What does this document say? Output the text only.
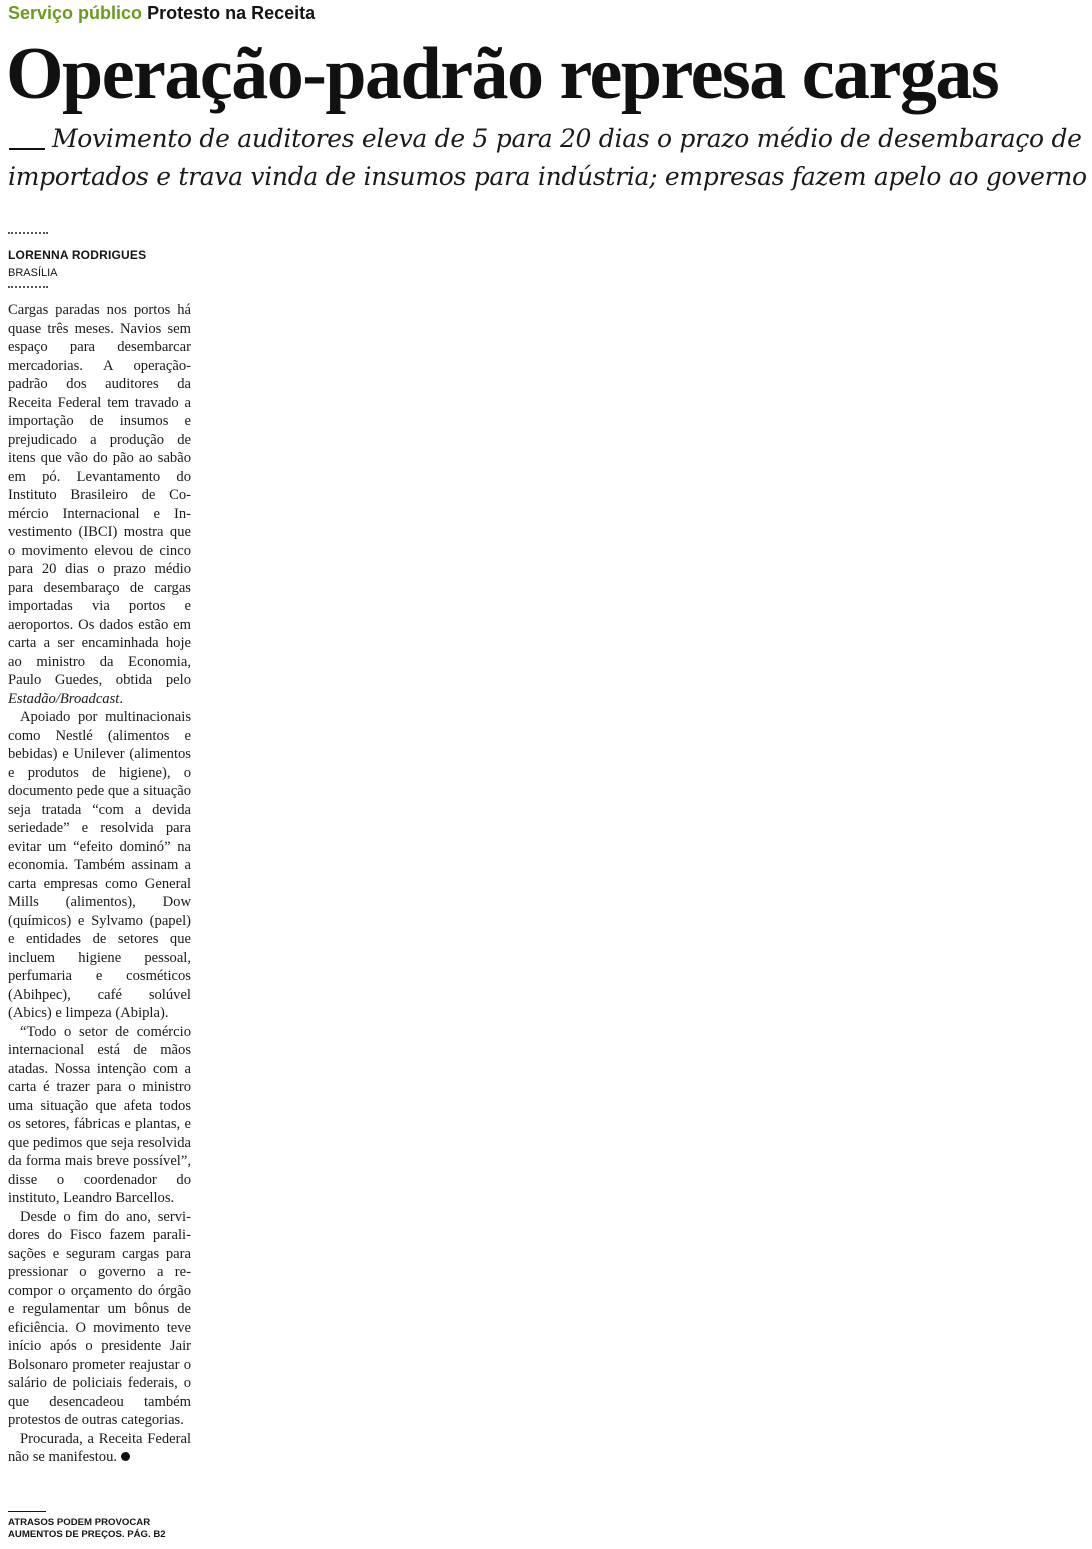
Serviço público Protesto na Receita
Operação-padrão represa cargas

Movimento de auditores eleva de 5 para 20 dias o prazo médio de desembaraço de importados e trava vinda de insumos para indústria; empresas fazem apelo ao governo

LORENNA RODRIGUES
BRASÍLIA

Cargas paradas nos portos há quase três meses. Navios sem espaço para desembarcar mercadorias. A operação-padrão dos auditores da Receita Federal tem travado a importação de insumos e prejudicado a produção de itens que vão do pão ao sabão em pó. Levantamento do Instituto Brasileiro de Comércio Internacional e Investimento (IBCI) mostra que o movimento elevou de cinco para 20 dias o prazo médio para desembaraço de cargas importadas via portos e aeroportos. Os dados estão em carta a ser encaminhada hoje ao ministro da Economia, Paulo Guedes, obtida pelo Estadão/Broadcast.

Apoiado por multinacionais como Nestlé (alimentos e bebidas) e Unilever (alimentos e produtos de higiene), o documento pede que a situação seja tratada “com a devida seriedade” e resolvida para evitar um “efeito dominó” na economia. Também assinam a carta empresas como General Mills (alimentos), Dow (químicos) e Sylvamo (papel) e entidades de setores que incluem higiene pessoal, perfumaria e cosméticos (Abihpec), café solúvel (Abics) e limpeza (Abipla).

“Todo o setor de comércio internacional está de mãos atadas. Nossa intenção com a carta é trazer para o ministro uma situação que afeta todos os setores, fábricas e plantas, e que pedimos que seja resolvida da forma mais breve possível”, disse o coordenador do instituto, Leandro Barcellos.

Desde o fim do ano, servidores do Fisco fazem paralisações e seguram cargas para pressionar o governo a recompor o orçamento do órgão e regulamentar um bônus de eficiência. O movimento teve início após o presidente Jair Bolsonaro prometer reajustar o salário de policiais federais, o que desencadeou também protestos de outras categorias.

Procurada, a Receita Federal não se manifestou.

ATRASOS PODEM PROVOCAR AUMENTOS DE PREÇOS. PÁG. B2
